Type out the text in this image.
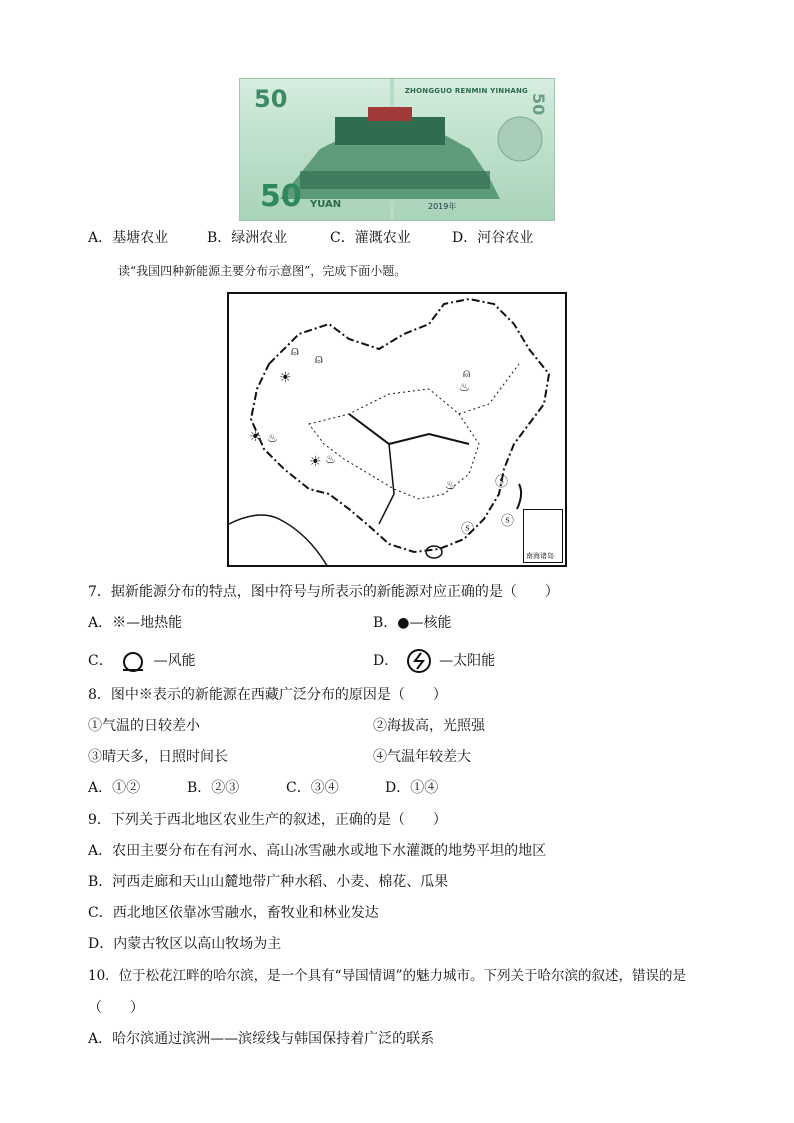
50	ZHONGGUO RENMIN YINHANG
50 YUAN	2019年
50
A．基塘农业	B．绿洲农业	C．灌溉农业	D．河谷农业
读“我国四种新能源主要分布示意图”，完成下面小题。
⍝
⍝
☀
☀
☀
♨
♨
♨
♨
⍝
ⓢ
ⓢ
ⓢ
南海诸岛
7．据新能源分布的特点，图中符号与所表示的新能源对应正确的是（　　）
A．※—地热能	B．●—核能
C．	—风能	D．	—太阳能
8．图中※表示的新能源在西藏广泛分布的原因是（　　）
①气温的日较差小	②海拔高，光照强
③晴天多，日照时间长	④气温年较差大
A．①②	B．②③	C．③④	D．①④
9．下列关于西北地区农业生产的叙述，正确的是（　　）
A．农田主要分布在有河水、高山冰雪融水或地下水灌溉的地势平坦的地区
B．河西走廊和天山山麓地带广种水稻、小麦、棉花、瓜果
C．西北地区依靠冰雪融水，畜牧业和林业发达
D．内蒙古牧区以高山牧场为主
10．位于松花江畔的哈尔滨，是一个具有“导国情调”的魅力城市。下列关于哈尔滨的叙述，错误的是
（　　）
A．哈尔滨通过滨洲——滨绥线与韩国保持着广泛的联系
